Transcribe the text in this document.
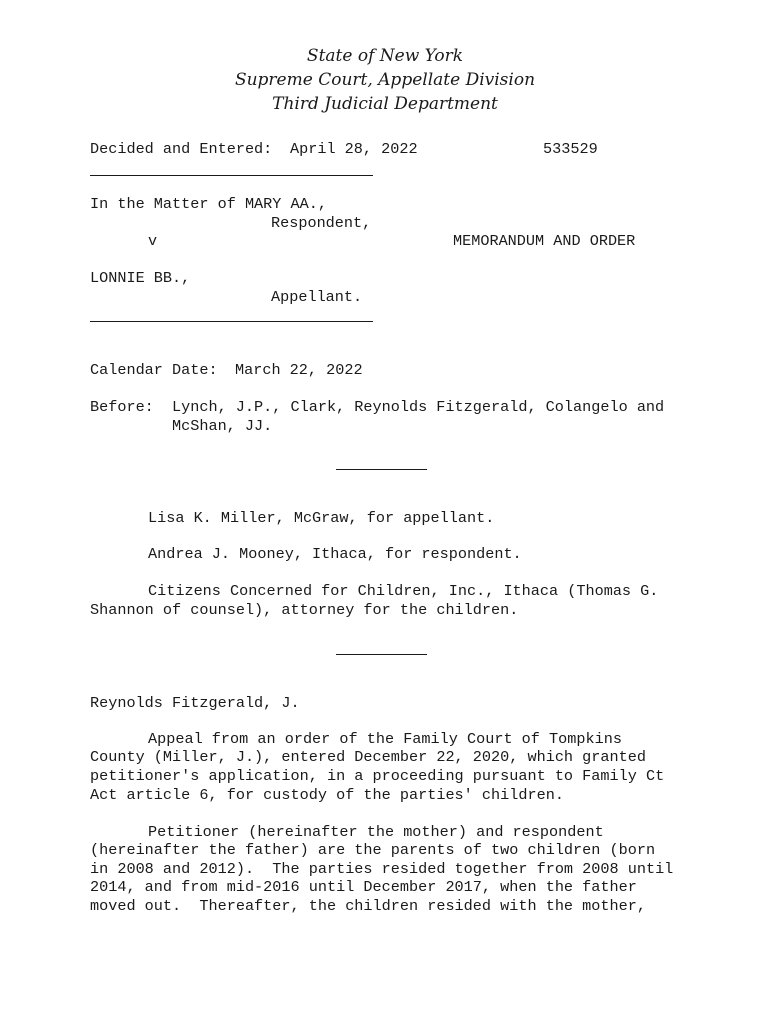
State of New York
Supreme Court, Appellate Division
Third Judicial Department
Decided and Entered: April 28, 2022	533529
In the Matter of MARY AA.,
Respondent,
v	MEMORANDUM AND ORDER
LONNIE BB.,
Appellant.
Calendar Date: March 22, 2022
Before: Lynch, J.P., Clark, Reynolds Fitzgerald, Colangelo and
McShan, JJ.
Lisa K. Miller, McGraw, for appellant.
Andrea J. Mooney, Ithaca, for respondent.
Citizens Concerned for Children, Inc., Ithaca (Thomas G.
Shannon of counsel), attorney for the children.
Reynolds Fitzgerald, J.
Appeal from an order of the Family Court of Tompkins
County (Miller, J.), entered December 22, 2020, which granted
petitioner's application, in a proceeding pursuant to Family Ct
Act article 6, for custody of the parties' children.
Petitioner (hereinafter the mother) and respondent
(hereinafter the father) are the parents of two children (born
in 2008 and 2012).  The parties resided together from 2008 until
2014, and from mid-2016 until December 2017, when the father
moved out.  Thereafter, the children resided with the mother,
